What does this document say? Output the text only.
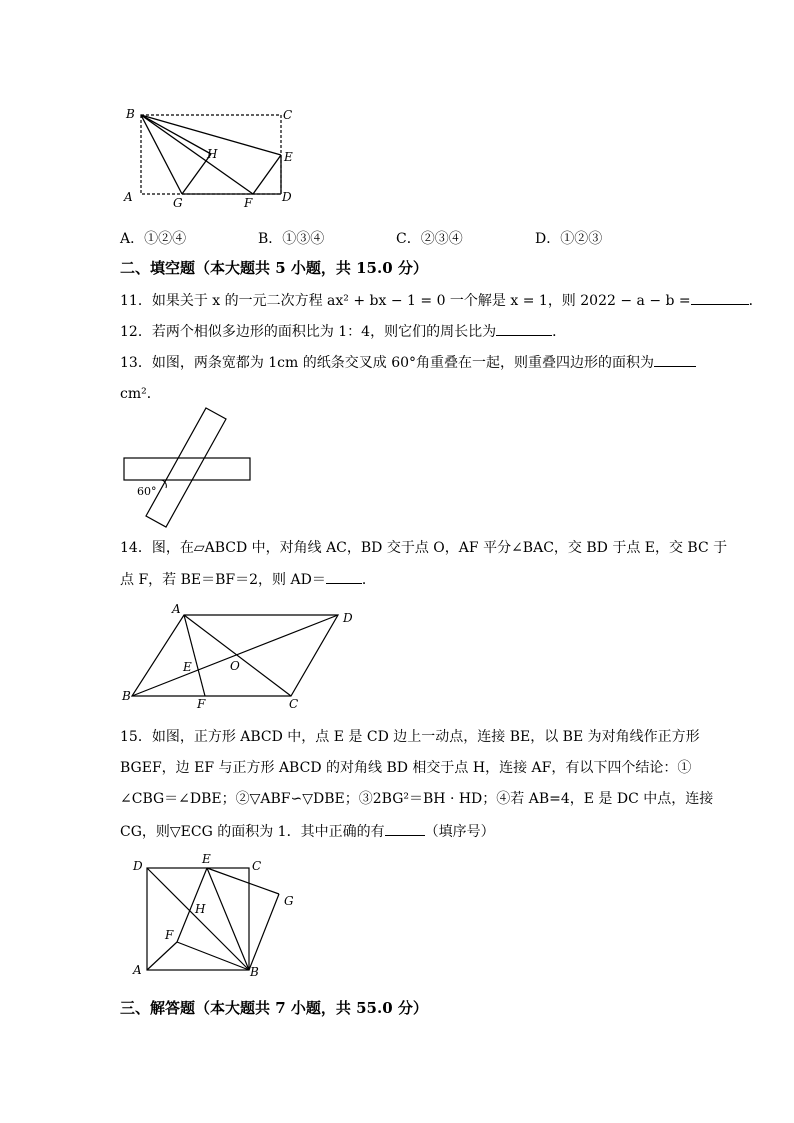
B	C
H	E
A	G	F D
A．①②④	B．①③④	C．②③④	D．①②③
二、填空题（本大题共 5 小题，共 15.0 分）
11．如果关于 x 的一元二次方程 ax² + bx − 1 = 0 一个解是 x = 1，则 2022 − a − b =	．
12．若两个相似多边形的面积比为 1：4，则它们的周长比为	．
13．如图，两条宽都为 1cm 的纸条交叉成 60°角重叠在一起，则重叠四边形的面积为
cm²．
60°
14．图，在▱ABCD 中，对角线 AC，BD 交于点 O，AF 平分∠BAC，交 BD 于点 E，交 BC 于
点 F，若 BE＝BF＝2，则 AD＝	．
A
D
E	O
B
F	C
15．如图，正方形 ABCD 中，点 E 是 CD 边上一动点，连接 BE，以 BE 为对角线作正方形
BGEF，边 EF 与正方形 ABCD 的对角线 BD 相交于点 H，连接 AF，有以下四个结论：①
∠CBG＝∠DBE；②▽ABF∽▽DBE；③2BG²＝BH · HD；④若 AB=4，E 是 DC 中点，连接
CG，则▽ECG 的面积为 1．其中正确的有	（填序号）
D	E	C
G
H
F
A	B
三、解答题（本大题共 7 小题，共 55.0 分）
